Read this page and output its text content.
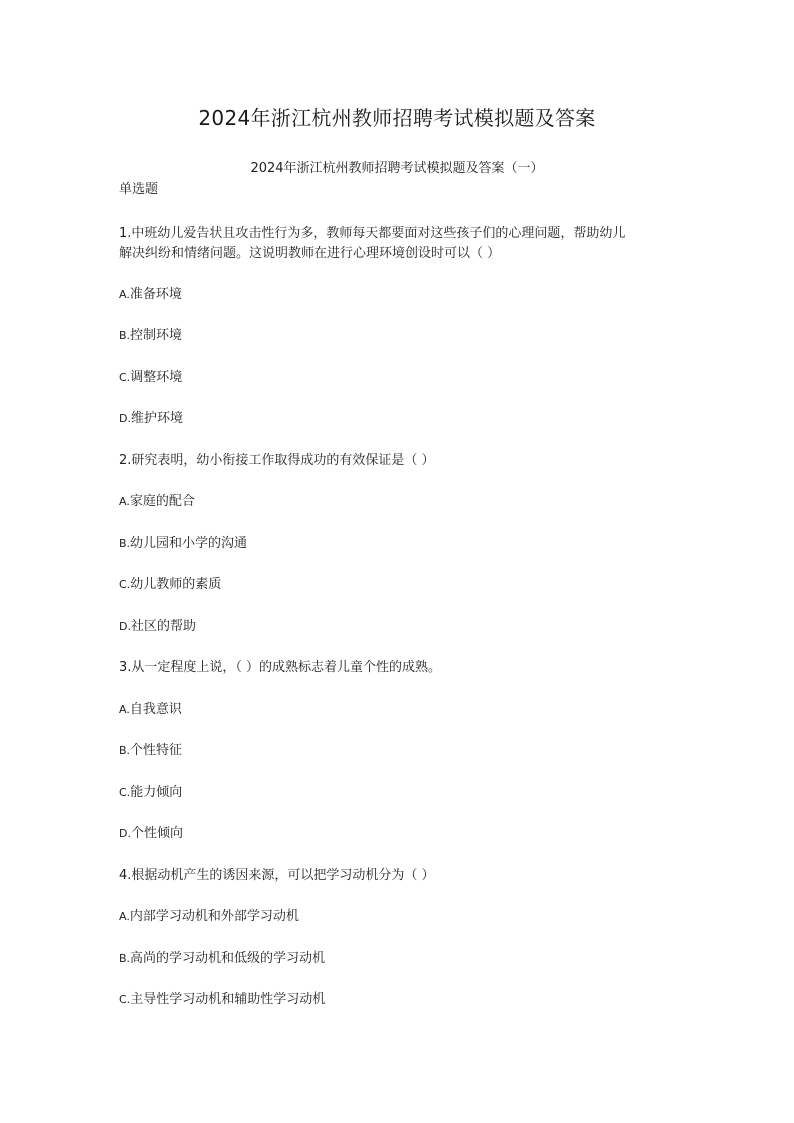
2024年浙江杭州教师招聘考试模拟题及答案
2024年浙江杭州教师招聘考试模拟题及答案（一）
单选题
1.中班幼儿爱告状且攻击性行为多，教师每天都要面对这些孩子们的心理问题，帮助幼儿
解决纠纷和情绪问题。这说明教师在进行心理环境创设时可以（ ）
A.准备环境
B.控制环境
C.调整环境
D.维护环境
2.研究表明，幼小衔接工作取得成功的有效保证是（ ）
A.家庭的配合
B.幼儿园和小学的沟通
C.幼儿教师的素质
D.社区的帮助
3.从一定程度上说，（ ）的成熟标志着儿童个性的成熟。
A.自我意识
B.个性特征
C.能力倾向
D.个性倾向
4.根据动机产生的诱因来源，可以把学习动机分为（ ）
A.内部学习动机和外部学习动机
B.高尚的学习动机和低级的学习动机
C.主导性学习动机和辅助性学习动机
